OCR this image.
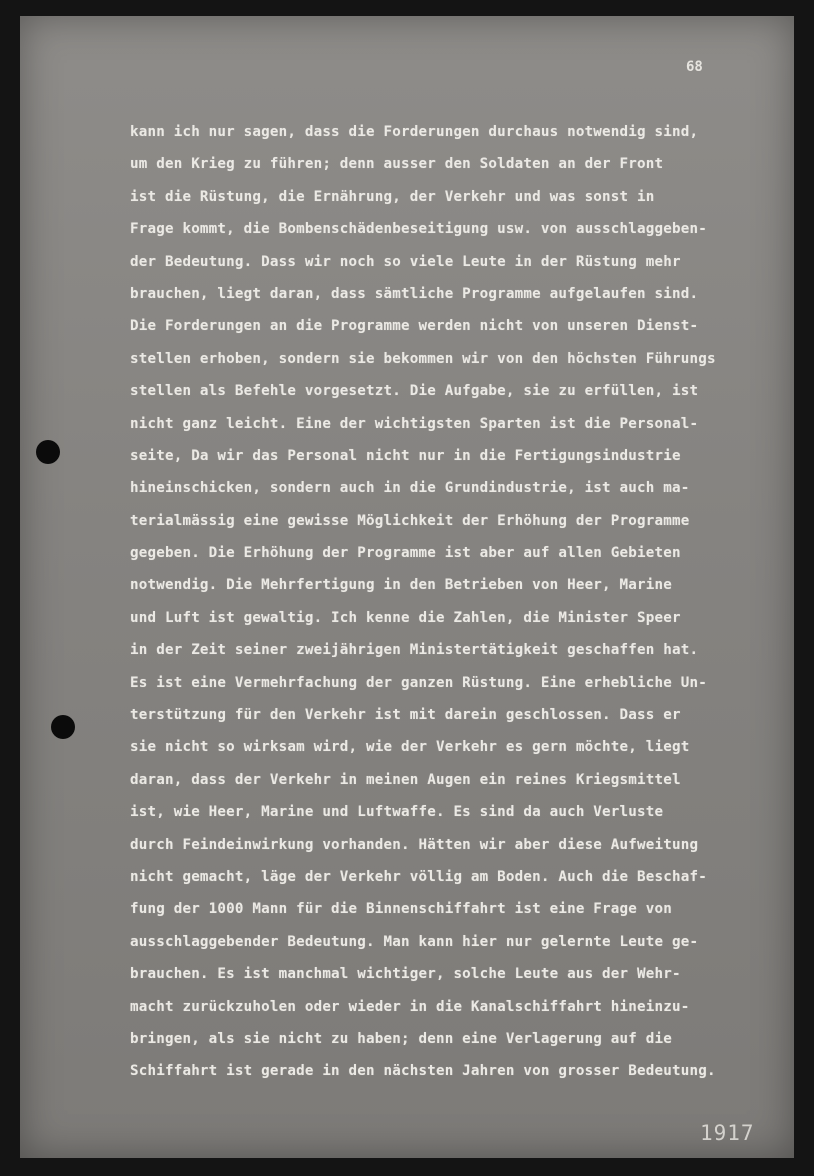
68
kann ich nur sagen, dass die Forderungen durchaus notwendig sind,
um den Krieg zu führen; denn ausser den Soldaten an der Front
ist die Rüstung, die Ernährung, der Verkehr und was sonst in
Frage kommt, die Bombenschädenbeseitigung usw. von ausschlaggeben-
der Bedeutung. Dass wir noch so viele Leute in der Rüstung mehr
brauchen, liegt daran, dass sämtliche Programme aufgelaufen sind.
Die Forderungen an die Programme werden nicht von unseren Dienst-
stellen erhoben, sondern sie bekommen wir von den höchsten Führungs
stellen als Befehle vorgesetzt. Die Aufgabe, sie zu erfüllen, ist
nicht ganz leicht. Eine der wichtigsten Sparten ist die Personal-
seite, Da wir das Personal nicht nur in die Fertigungsindustrie
hineinschicken, sondern auch in die Grundindustrie, ist auch ma-
terialmässig eine gewisse Möglichkeit der Erhöhung der Programme
gegeben. Die Erhöhung der Programme ist aber auf allen Gebieten
notwendig. Die Mehrfertigung in den Betrieben von Heer, Marine
und Luft ist gewaltig. Ich kenne die Zahlen, die Minister Speer
in der Zeit seiner zweijährigen Ministertätigkeit geschaffen hat.
Es ist eine Vermehrfachung der ganzen Rüstung. Eine erhebliche Un-
terstützung für den Verkehr ist mit darein geschlossen. Dass er
sie nicht so wirksam wird, wie der Verkehr es gern möchte, liegt
daran, dass der Verkehr in meinen Augen ein reines Kriegsmittel
ist, wie Heer, Marine und Luftwaffe. Es sind da auch Verluste
durch Feindeinwirkung vorhanden. Hätten wir aber diese Aufweitung
nicht gemacht, läge der Verkehr völlig am Boden. Auch die Beschaf-
fung der 1000 Mann für die Binnenschiffahrt ist eine Frage von
ausschlaggebender Bedeutung. Man kann hier nur gelernte Leute ge-
brauchen. Es ist manchmal wichtiger, solche Leute aus der Wehr-
macht zurückzuholen oder wieder in die Kanalschiffahrt hineinzu-
bringen, als sie nicht zu haben; denn eine Verlagerung auf die
Schiffahrt ist gerade in den nächsten Jahren von grosser Bedeutung.
1917
